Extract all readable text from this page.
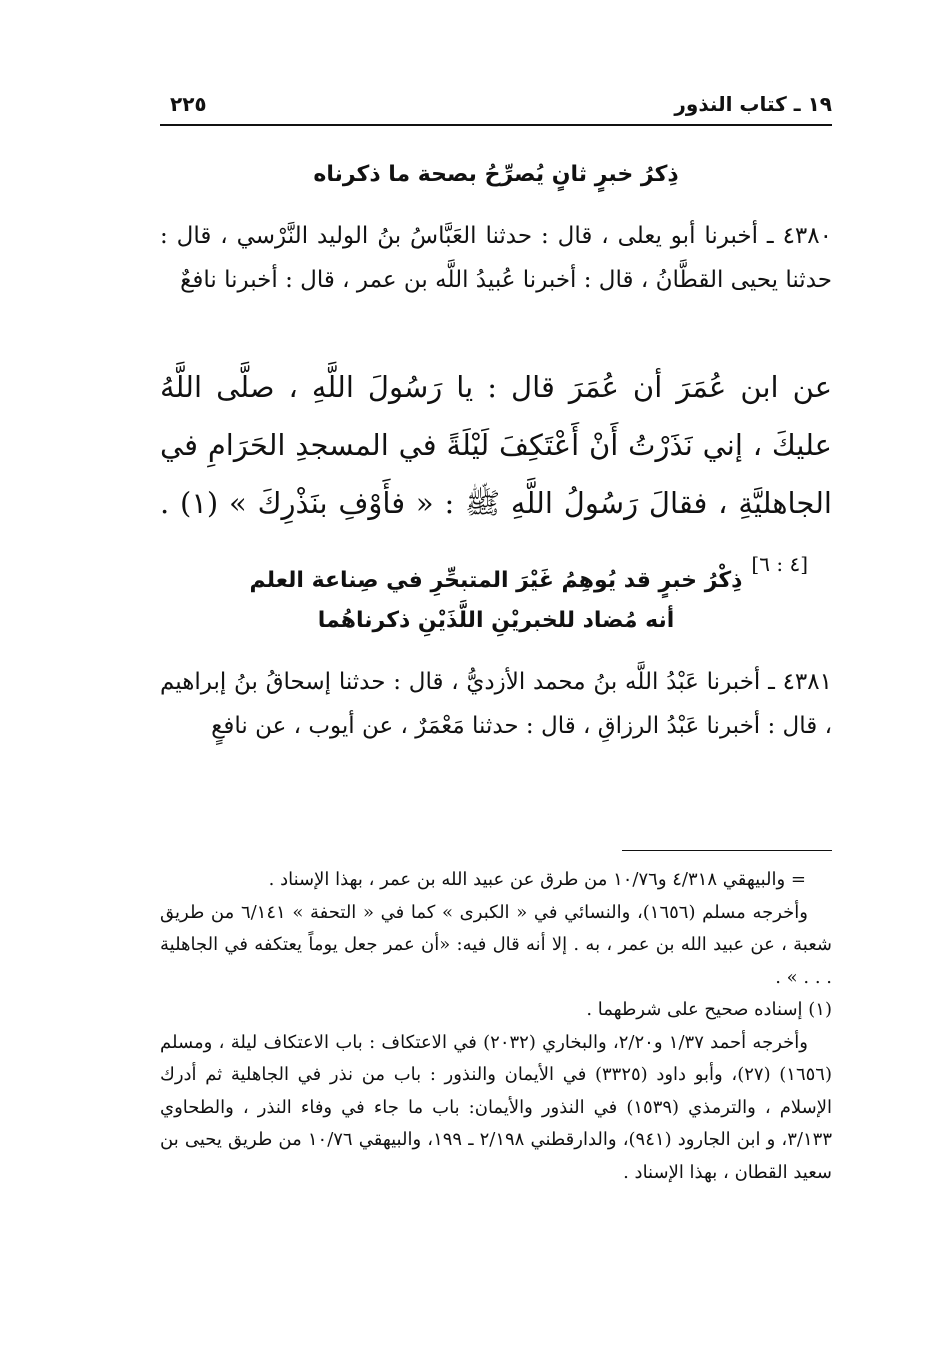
١٩ ـ كتاب النذور
٢٢٥
ذِكرُ خبرٍ ثانٍ يُصرِّحُ بصحة ما ذكرناه
٤٣٨٠ ـ أخبرنا أبو يعلى ، قال : حدثنا العَبَّاسُ بنُ الوليد النَّرْسي ، قال : حدثنا يحيى القطَّانُ ، قال : أخبرنا عُبيدُ اللَّه بن عمر ، قال : أخبرنا نافعٌ
عن ابن عُمَرَ أن عُمَرَ قال : يا رَسُولَ اللَّهِ ، صلَّى اللَّهُ عليكَ ، إني نَذَرْتُ أَنْ أَعْتَكِفَ لَيْلَةً في المسجدِ الحَرَامِ في الجاهليَّةِ ، فقالَ رَسُولُ اللَّهِ ﷺ : « فأَوْفِ بنَذْرِكَ » (١) .[٤ : ٦]
ذِكْرُ خبرٍ قد يُوهِمُ غَيْرَ المتبحِّرِ في صِناعة العلم
أنه مُضاد للخبريْنِ اللَّذَيْنِ ذكرناهُما
٤٣٨١ ـ أخبرنا عَبْدُ اللَّه بنُ محمد الأزديُّ ، قال : حدثنا إسحاقُ بنُ إبراهيم ، قال : أخبرنا عَبْدُ الرزاقِ ، قال : حدثنا مَعْمَرٌ ، عن أيوب ، عن نافعٍ

= والبيهقي ٤/٣١٨ و١٠/٧٦ من طرق عن عبيد الله بن عمر ، بهذا الإسناد .

وأخرجه مسلم (١٦٥٦)، والنسائي في « الكبرى » كما في « التحفة » ٦/١٤١ من طريق شعبة ، عن عبيد الله بن عمر ، به . إلا أنه قال فيه: «أن عمر جعل يوماً يعتكفه في الجاهلية . . . » .

(١) إسناده صحيح على شرطهما .

وأخرجه أحمد ١/٣٧ و٢/٢٠، والبخاري (٢٠٣٢) في الاعتكاف : باب الاعتكاف ليلة ، ومسلم (١٦٥٦) (٢٧)، وأبو داود (٣٣٢٥) في الأيمان والنذور : باب من نذر في الجاهلية ثم أدرك الإسلام ، والترمذي (١٥٣٩) في النذور والأيمان: باب ما جاء في وفاء النذر ، والطحاوي ٣/١٣٣، و ابن الجارود (٩٤١)، والدارقطني ٢/١٩٨ ـ ١٩٩، والبيهقي ١٠/٧٦ من طريق يحيى بن سعيد القطان ، بهذا الإسناد .
